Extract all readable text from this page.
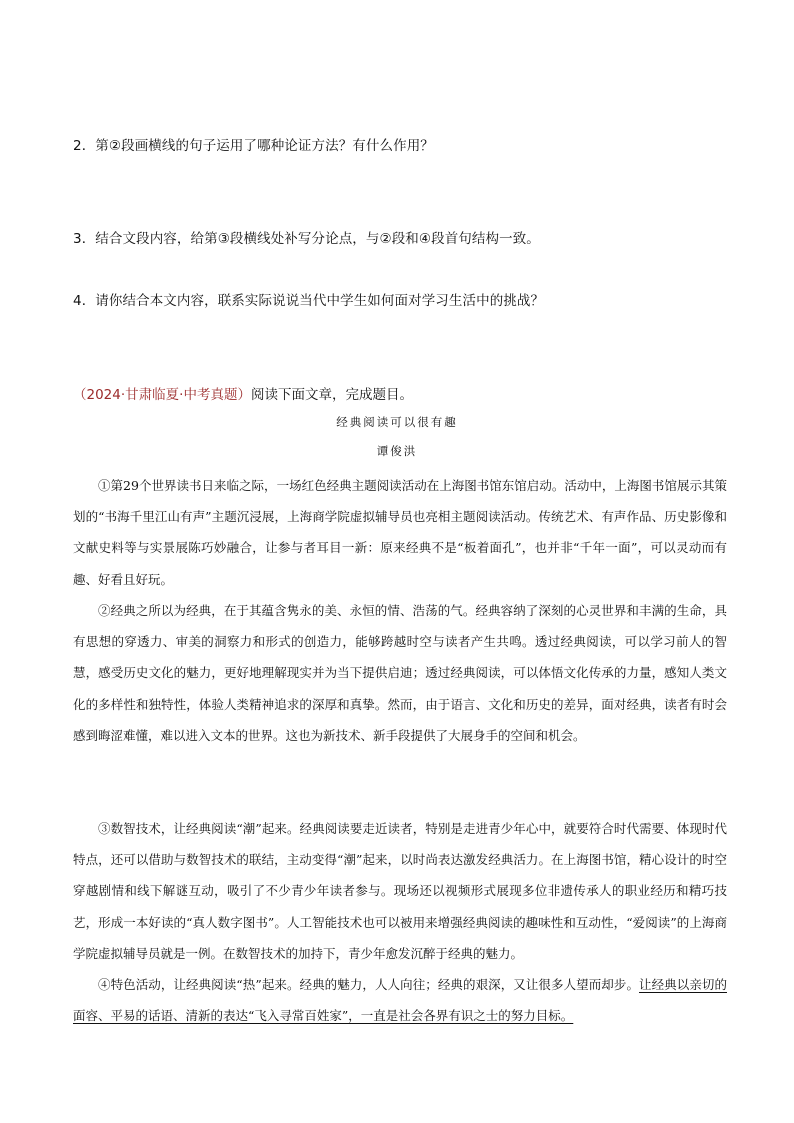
2．第②段画横线的句子运用了哪种论证方法？有什么作用？
3．结合文段内容，给第③段横线处补写分论点，与②段和④段首句结构一致。
4．请你结合本文内容，联系实际说说当代中学生如何面对学习生活中的挑战？
（2024·甘肃临夏·中考真题）阅读下面文章，完成题目。
经典阅读可以很有趣
谭俊洪
①第29个世界读书日来临之际，一场红色经典主题阅读活动在上海图书馆东馆启动。活动中，上海图书馆展示其策划的“书海千里江山有声”主题沉浸展，上海商学院虚拟辅导员也亮相主题阅读活动。传统艺术、有声作品、历史影像和文献史料等与实景展陈巧妙融合，让参与者耳目一新：原来经典不是“板着面孔”，也并非“千年一面”，可以灵动而有趣、好看且好玩。
②经典之所以为经典，在于其蕴含隽永的美、永恒的情、浩荡的气。经典容纳了深刻的心灵世界和丰满的生命，具有思想的穿透力、审美的洞察力和形式的创造力，能够跨越时空与读者产生共鸣。透过经典阅读，可以学习前人的智慧，感受历史文化的魅力，更好地理解现实并为当下提供启迪；透过经典阅读，可以体悟文化传承的力量，感知人类文化的多样性和独特性，体验人类精神追求的深厚和真挚。然而，由于语言、文化和历史的差异，面对经典，读者有时会感到晦涩难懂，难以进入文本的世界。这也为新技术、新手段提供了大展身手的空间和机会。
③数智技术，让经典阅读“潮”起来。经典阅读要走近读者，特别是走进青少年心中，就要符合时代需要、体现时代特点，还可以借助与数智技术的联结，主动变得“潮”起来，以时尚表达激发经典活力。在上海图书馆，精心设计的时空穿越剧情和线下解谜互动，吸引了不少青少年读者参与。现场还以视频形式展现多位非遗传承人的职业经历和精巧技艺，形成一本好读的“真人数字图书”。人工智能技术也可以被用来增强经典阅读的趣味性和互动性，“爱阅读”的上海商学院虚拟辅导员就是一例。在数智技术的加持下，青少年愈发沉醉于经典的魅力。
④特色活动，让经典阅读“热”起来。经典的魅力，人人向往；经典的艰深，又让很多人望而却步。让经典以亲切的面容、平易的话语、清新的表达“飞入寻常百姓家”，一直是社会各界有识之士的努力目标。
